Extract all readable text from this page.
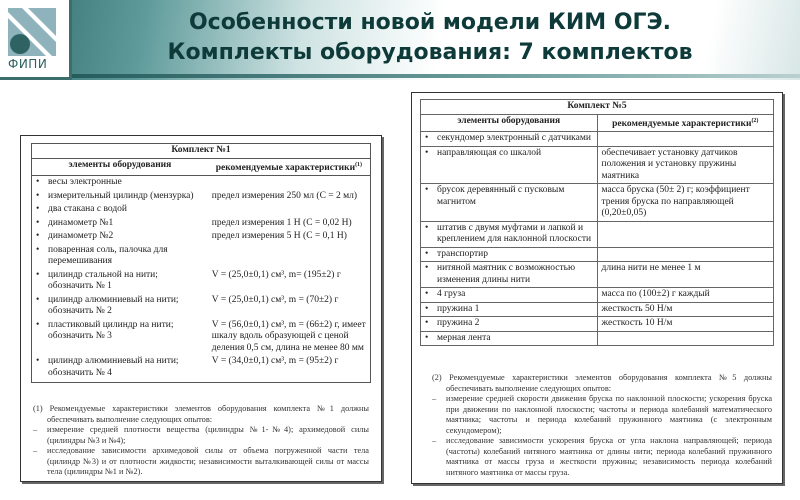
ФИПИ
Особенности новой модели КИМ ОГЭ.
Комплекты оборудования: 7 комплектов
Комплект №1	
элементы оборудования	рекомендуемые характеристики$^{(1)}$

• весы электронные	

• измерительный цилиндр (мензурка)	предел измерения 250 мл (C = 2 мл)

• два стакана с водой	

• динамометр №1	предел измерения 1 Н (C = 0,02 Н)

• динамометр №2	предел измерения 5 Н (C = 0,1 Н)

• поваренная соль, палочка для перемешивания	

• цилиндр стальной на нити; обозначить № 1	V = (25,0±0,1) см³, m= (195±2) г

• цилиндр алюминиевый на нити; обозначить № 2	V = (25,0±0,1) см³, m = (70±2) г

• пластиковый цилиндр на нити; обозначить № 3	V = (56,0±0,1) см³, m = (66±2) г, имеет шкалу вдоль образующей с ценой деления 0,5 см, длина не менее 80 мм

• цилиндр алюминиевый на нити; обозначить № 4	V = (34,0±0,1) см³, m = (95±2) г
(1) Рекомендуемые характеристики элементов оборудования комплекта №1 должны обеспечивать выполнение следующих опытов:
–	измерение средней плотности вещества (цилиндры №1-№4); архимедовой силы (цилиндры №3 и №4);
–	исследование зависимости архимедовой силы от объема погруженной части тела (цилиндр №3) и от плотности жидкости; независимости выталкивающей силы от массы тела (цилиндры №1 и №2).
Комплект №5	
элементы оборудования	рекомендуемые характеристики$^{(2)}$

• секундомер электронный с датчиками	

• направляющая со шкалой	обеспечивает установку датчиков положения и установку пружины маятника

• брусок деревянный с пусковым магнитом	масса бруска (50± 2) г; коэффициент трения бруска по направляющей (0,20±0,05)

• штатив с двумя муфтами и лапкой и креплением для наклонной плоскости	

• транспортир	

• нитяной маятник с возможностью изменения длины нити	длина нити не менее 1 м

• 4 груза	масса по (100±2) г каждый

• пружина 1	жесткость 50 Н/м

• пружина 2	жесткость 10 Н/м

• мерная лента	

(2) Рекомендуемые характеристики элементов оборудования комплекта №5 должны обеспечивать выполнение следующих опытов:
–	измерение средней скорости движения бруска по наклонной плоскости; ускорения бруска при движении по наклонной плоскости; частоты и периода колебаний математического маятника; частоты и периода колебаний пружинного маятника (с электронным секундомером);
–	исследование зависимости ускорения бруска от угла наклона направляющей; периода (частоты) колебаний нитяного маятника от длины нити; периода колебаний пружинного маятника от массы груза и жесткости пружины; независимость периода колебаний нитяного маятника от массы груза.
